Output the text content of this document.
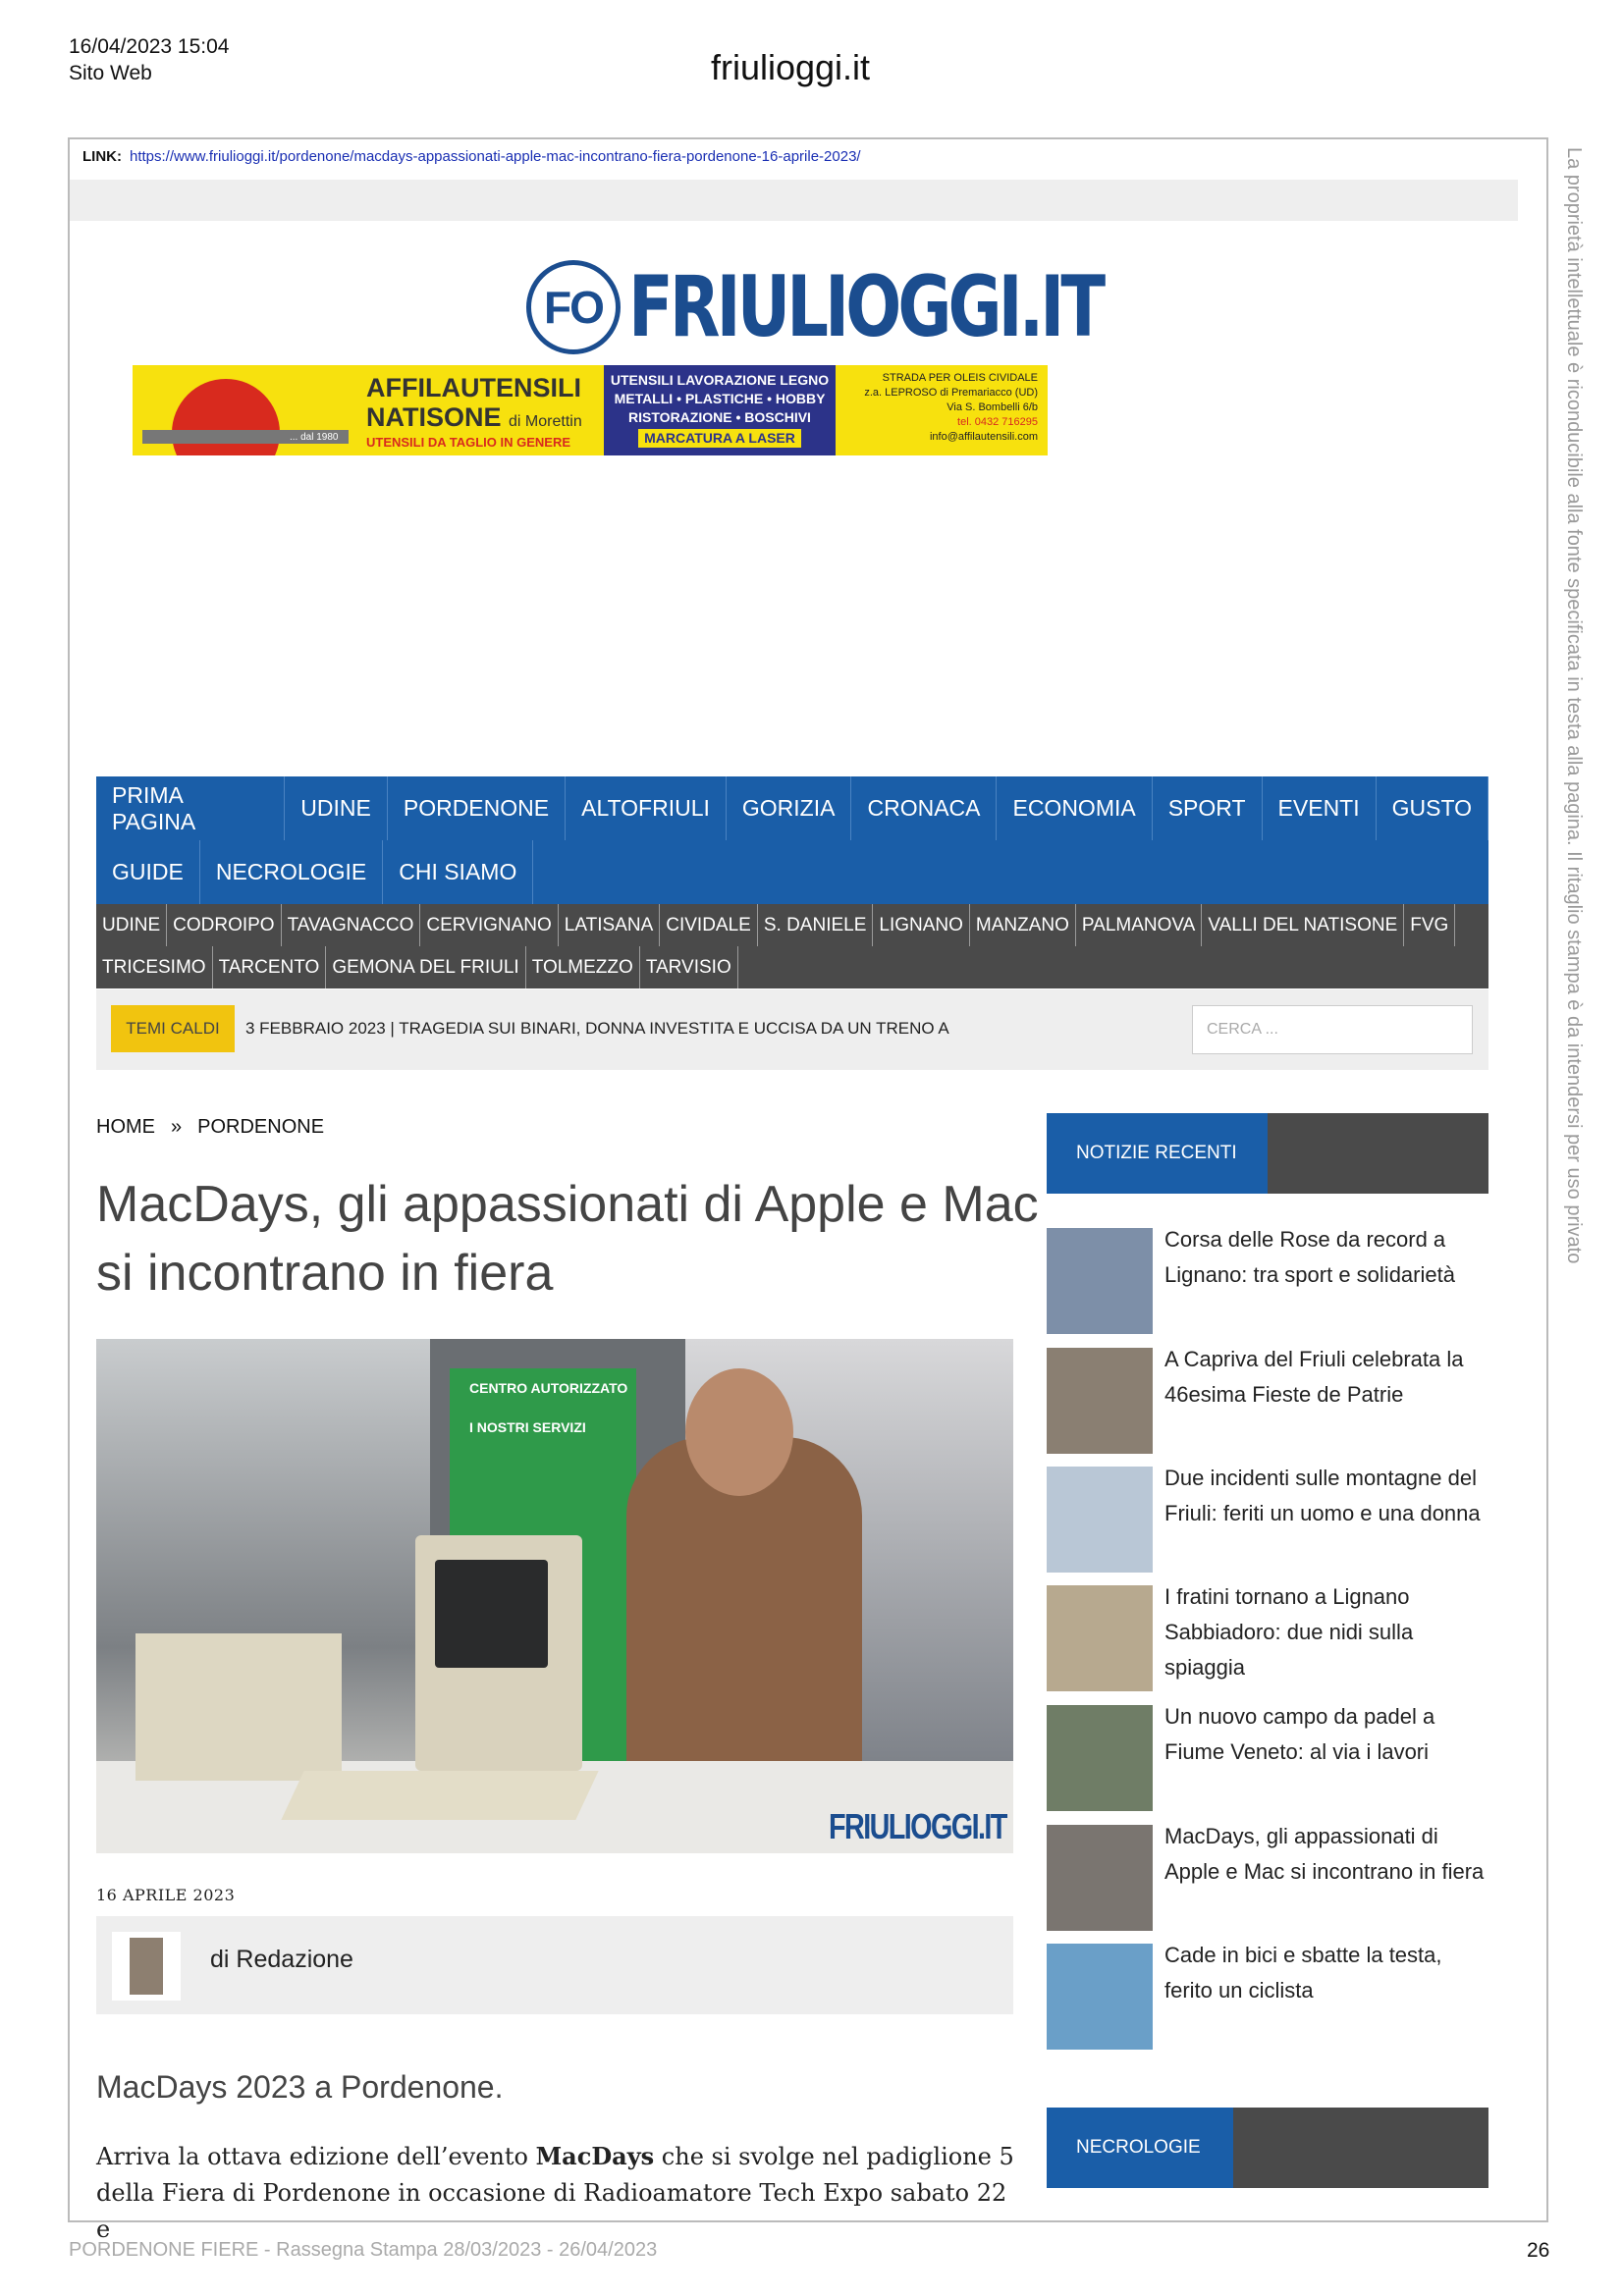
16/04/2023 15:04
Sito Web	friulioggi.it
LINK: https://www.friulioggi.it/pordenone/macdays-appassionati-apple-mac-incontrano-fiera-pordenone-16-aprile-2023/	La proprietà intellettuale è riconducibile alla fonte specificata in testa alla pagina. Il ritaglio stampa è da intendersi per uso privato
FO FRIULIOGGI.IT
... dal 1980
AFFILAUTENSILI
NATISONE di Morettin
UTENSILI DA TAGLIO IN GENERE
UTENSILI LAVORAZIONE LEGNO
METALLI • PLASTICHE • HOBBY
RISTORAZIONE • BOSCHIVI
MARCATURA A LASER
STRADA PER OLEIS CIVIDALE
z.a. LEPROSO di Premariacco (UD)
Via S. Bombelli 6/b
tel. 0432 716295
info@affilautensili.com
PRIMA PAGINA
UDINE	PORDENONE	ALTOFRIULI	GORIZIA	CRONACA	ECONOMIA	SPORT	EVENTI	GUSTO
GUIDE	NECROLOGIE	CHI SIAMO
UDINE CODROIPO TAVAGNACCO CERVIGNANO LATISANA CIVIDALE S. DANIELE LIGNANO MANZANO PALMANOVA VALLI DEL NATISONE FVG
TRICESIMO TARCENTO GEMONA DEL FRIULI TOLMEZZO TARVISIO
TEMI CALDI	3 FEBBRAIO 2023 | TRAGEDIA SUI BINARI, DONNA INVESTITA E UCCISA DA UN TRENO A
CERCA ...
HOME » PORDENONE
MacDays, gli appassionati di Apple e Mac si incontrano in fiera
CENTRO AUTORIZZATO
I NOSTRI SERVIZI
FRIULIOGGI.IT
16 APRILE 2023
di Redazione
MacDays 2023 a Pordenone.
Arriva la ottava edizione dell’evento MacDays che si svolge nel padiglione 5 della Fiera di Pordenone in occasione di Radioamatore Tech Expo sabato 22 e
NOTIZIE RECENTI
Corsa delle Rose da record a Lignano: tra sport e solidarietà
A Capriva del Friuli celebrata la 46esima Fieste de Patrie
Due incidenti sulle montagne del Friuli: feriti un uomo e una donna
I fratini tornano a Lignano Sabbiadoro: due nidi sulla spiaggia
Un nuovo campo da padel a Fiume Veneto: al via i lavori
MacDays, gli appassionati di Apple e Mac si incontrano in fiera
Cade in bici e sbatte la testa, ferito un ciclista
NECROLOGIE
PORDENONE FIERE - Rassegna Stampa 28/03/2023 - 26/04/2023	26
